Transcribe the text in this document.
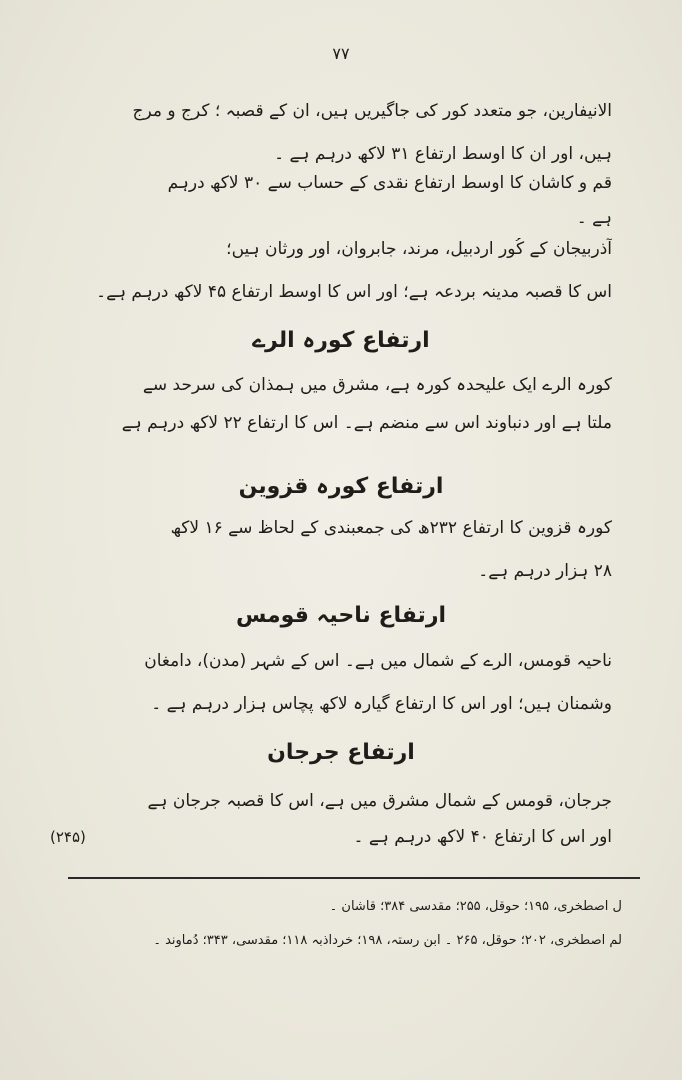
٧٧
الانیفارین، جو متعدد کور کی جاگیریں ہیں، ان کے قصبہ ؛ کرج و مرج
ہیں، اور ان کا اوسط ارتفاع ۳۱ لاکھ درہم ہے ۔
قم و کاشان کا اوسط ارتفاع نقدی کے حساب سے ۳۰ لاکھ درہم
ہے ۔
آذربیجان کے کُور اردبیل، مرند، جابروان، اور ورثان ہیں؛
اس کا قصبہ مدینہ بردعہ ہے؛ اور اس کا اوسط ارتفاع ۴۵ لاکھ درہم ہے۔
ارتفاع کورہ الرے
کورہ الرے ایک علیحدہ کورہ ہے، مشرق میں ہمذان کی سرحد سے
ملتا ہے اور دنباوند اس سے منضم ہے۔ اس کا ارتفاع ۲۲ لاکھ درہم ہے
ارتفاع کورہ قزوین
کورہ قزوین کا ارتفاع ۲۳۲ھ کی جمعبندی کے لحاظ سے ۱۶ لاکھ
۲۸ ہزار درہم ہے۔
ارتفاع ناحیہ قومس
ناحیہ قومس، الرے کے شمال میں ہے۔ اس کے شہر (مدن)، دامغان
وشمنان ہیں؛ اور اس کا ارتفاع گیارہ لاکھ پچاس ہزار درہم ہے ۔
ارتفاع جرجان
جرجان، قومس کے شمال مشرق میں ہے، اس کا قصبہ جرجان ہے
اور اس کا ارتفاع ۴۰ لاکھ درہم ہے ۔
(۲۴۵)
ل اصطخری، ۱۹۵؛ حوقل، ۲۵۵؛ مقدسی ۳۸۴؛ قاشان ۔
لم اصطخری، ۲۰۲؛ حوقل، ۲۶۵ ۔ ابن رستہ، ۱۹۸؛ خرداذبہ ۱۱۸؛ مقدسی، ۳۴۳؛ دُماوند ۔
